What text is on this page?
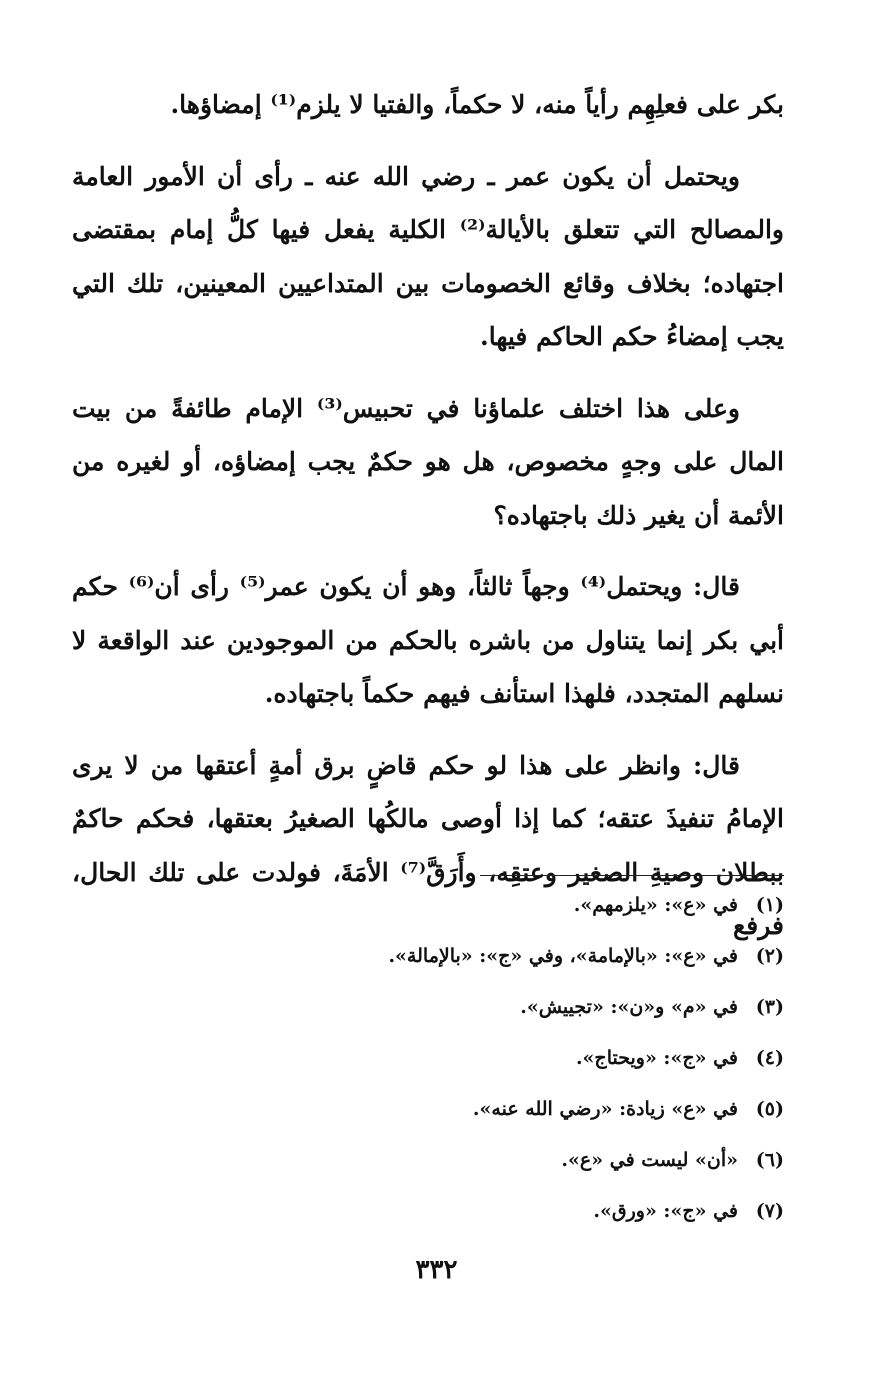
بكر على فعلِهِم رأياً منه، لا حكماً، والفتيا لا يلزم⁽¹⁾ إمضاؤها.

ويحتمل أن يكون عمر ـ رضي الله عنه ـ رأى أن الأمور العامة والمصالح التي تتعلق بالأيالة⁽²⁾ الكلية يفعل فيها كلُّ إمام بمقتضى اجتهاده؛ بخلاف وقائع الخصومات بين المتداعيين المعينين، تلك التي يجب إمضاءُ حكم الحاكم فيها.

وعلى هذا اختلف علماؤنا في تحبيس⁽³⁾ الإمام طائفةً من بيت المال على وجهٍ مخصوص، هل هو حكمٌ يجب إمضاؤه، أو لغيره من الأئمة أن يغير ذلك باجتهاده؟

قال: ويحتمل⁽⁴⁾ وجهاً ثالثاً، وهو أن يكون عمر⁽⁵⁾ رأى أن⁽⁶⁾ حكم أبي بكر إنما يتناول من باشره بالحكم من الموجودين عند الواقعة لا نسلهم المتجدد، فلهذا استأنف فيهم حكماً باجتهاده.

قال: وانظر على هذا لو حكم قاضٍ برق أمةٍ أعتقها من لا يرى الإمامُ تنفيذَ عتقه؛ كما إذا أوصى مالكُها الصغيرُ بعتقها، فحكم حاكمٌ ببطلان وصيةِ الصغير وعتقِه، وأَرَقَّ⁽⁷⁾ الأمَةَ، فولدت على تلك الحال، فرفع

(١)
في «ع»: «يلزمهم».
(٢)
في «ع»: «بالإمامة»، وفي «ج»: «بالإمالة».
(٣)
في «م» و«ن»: «تجييش».
(٤)
في «ج»: «ويحتاج».
(٥)
في «ع» زيادة: «رضي الله عنه».
(٦)
«أن» ليست في «ع».
(٧)
في «ج»: «ورق».
٣٣٢
